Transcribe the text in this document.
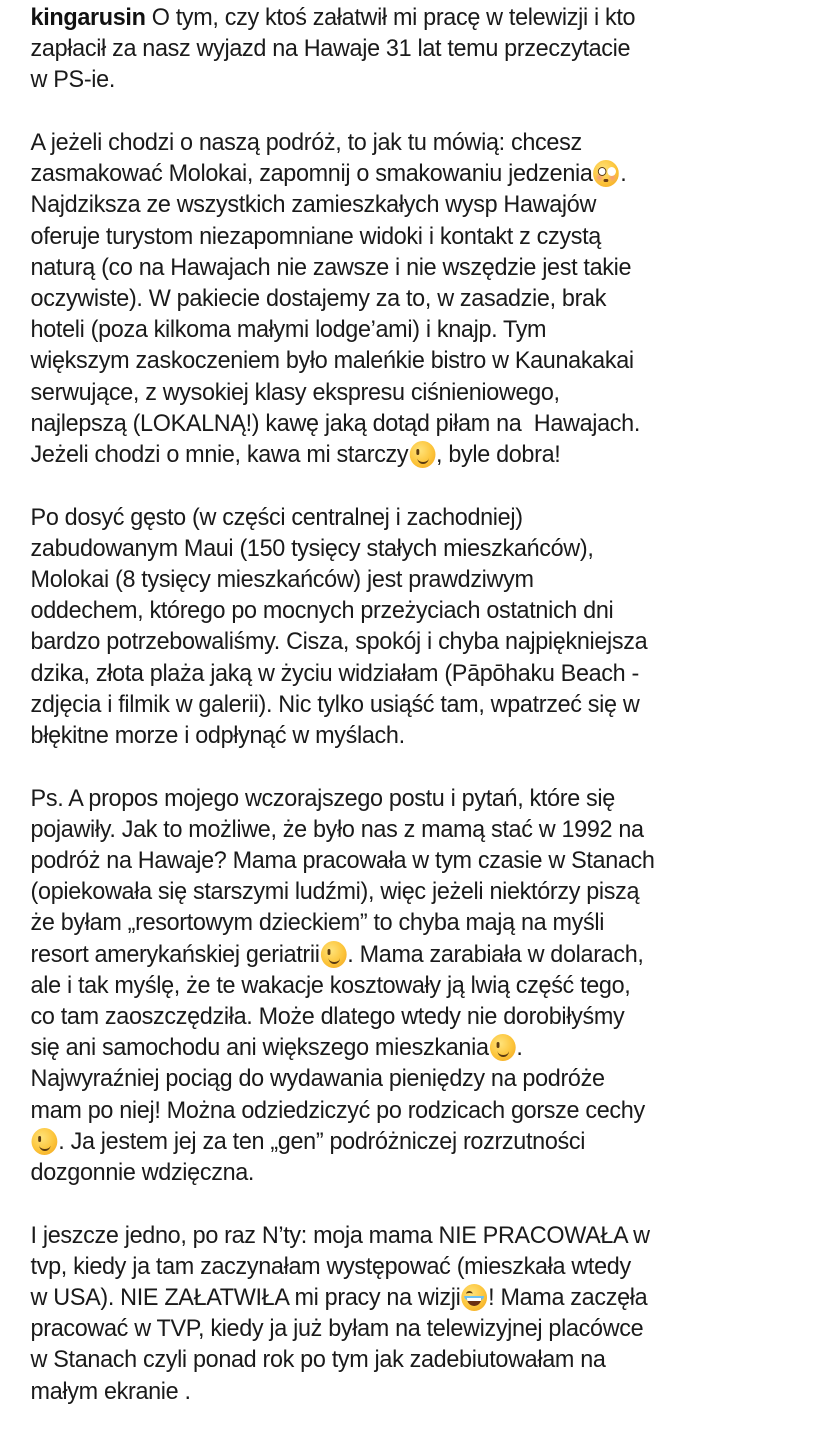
kingarusin O tym, czy ktoś załatwił mi pracę w telewizji i kto
zapłacił za nasz wyjazd na Hawaje 31 lat temu przeczytacie
w PS-ie.
A jeżeli chodzi o naszą podróż, to jak tu mówią: chcesz
zasmakować Molokai, zapomnij o smakowaniu jedzenia .
Najdziksza ze wszystkich zamieszkałych wysp Hawajów
oferuje turystom niezapomniane widoki i kontakt z czystą
naturą (co na Hawajach nie zawsze i nie wszędzie jest takie
oczywiste). W pakiecie dostajemy za to, w zasadzie, brak
hoteli (poza kilkoma małymi lodge’ami) i knajp. Tym
większym zaskoczeniem było maleńkie bistro w Kaunakakai
serwujące, z wysokiej klasy ekspresu ciśnieniowego,
najlepszą (LOKALNĄ!) kawę jaką dotąd piłam na  Hawajach.
Jeżeli chodzi o mnie, kawa mi starczy , byle dobra!
Po dosyć gęsto (w części centralnej i zachodniej)
zabudowanym Maui (150 tysięcy stałych mieszkańców),
Molokai (8 tysięcy mieszkańców) jest prawdziwym
oddechem, którego po mocnych przeżyciach ostatnich dni
bardzo potrzebowaliśmy. Cisza, spokój i chyba najpiękniejsza
dzika, złota plaża jaką w życiu widziałam (Pāpōhaku Beach -
zdjęcia i filmik w galerii). Nic tylko usiąść tam, wpatrzeć się w
błękitne morze i odpłynąć w myślach.
Ps. A propos mojego wczorajszego postu i pytań, które się
pojawiły. Jak to możliwe, że było nas z mamą stać w 1992 na
podróż na Hawaje? Mama pracowała w tym czasie w Stanach
(opiekowała się starszymi ludźmi), więc jeżeli niektórzy piszą
że byłam „resortowym dzieckiem” to chyba mają na myśli
resort amerykańskiej geriatrii . Mama zarabiała w dolarach,
ale i tak myślę, że te wakacje kosztowały ją lwią część tego,
co tam zaoszczędziła. Może dlatego wtedy nie dorobiłyśmy
się ani samochodu ani większego mieszkania .
Najwyraźniej pociąg do wydawania pieniędzy na podróże
mam po niej! Można odziedziczyć po rodzicach gorsze cechy
. Ja jestem jej za ten „gen” podróżniczej rozrzutności
dozgonnie wdzięczna.
I jeszcze jedno, po raz N’ty: moja mama NIE PRACOWAŁA w
tvp, kiedy ja tam zaczynałam występować (mieszkała wtedy
w USA). NIE ZAŁATWIŁA mi pracy na wizji ! Mama zaczęła
pracować w TVP, kiedy ja już byłam na telewizyjnej placówce
w Stanach czyli ponad rok po tym jak zadebiutowałam na
małym ekranie .
